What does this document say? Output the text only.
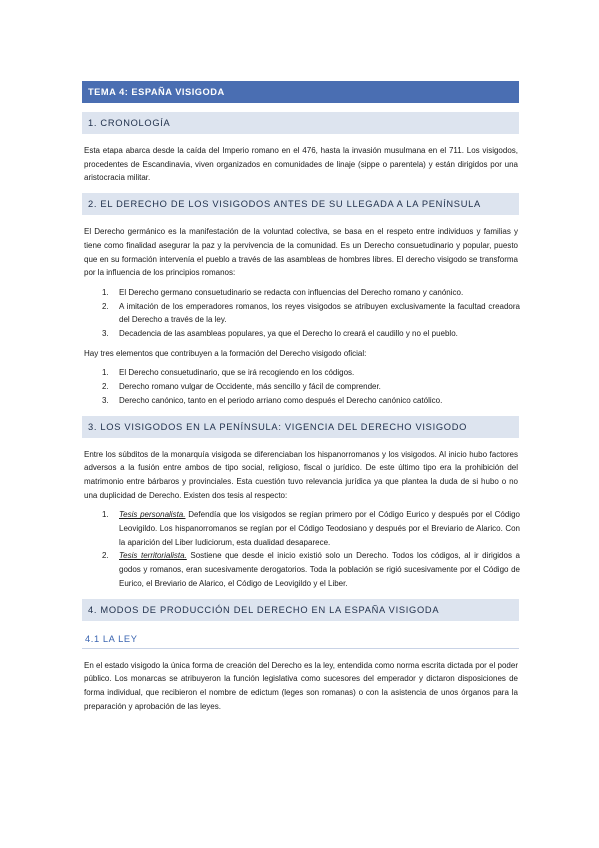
TEMA 4: ESPAÑA VISIGODA
1. CRONOLOGÍA

Esta etapa abarca desde la caída del Imperio romano en el 476, hasta la invasión musulmana en el 711. Los visigodos, procedentes de Escandinavia, viven organizados en comunidades de linaje (sippe o parentela) y están dirigidos por una aristocracia militar.

2. EL DERECHO DE LOS VISIGODOS ANTES DE SU LLEGADA A LA PENÍNSULA

El Derecho germánico es la manifestación de la voluntad colectiva, se basa en el respeto entre individuos y familias y tiene como finalidad asegurar la paz y la pervivencia de la comunidad. Es un Derecho consuetudinario y popular, puesto que en su formación intervenía el pueblo a través de las asambleas de hombres libres. El derecho visigodo se transforma por la influencia de los principios romanos:

1. El Derecho germano consuetudinario se redacta con influencias del Derecho romano y canónico.
2. A imitación de los emperadores romanos, los reyes visigodos se atribuyen exclusivamente la facultad creadora del Derecho a través de la ley.
3. Decadencia de las asambleas populares, ya que el Derecho lo creará el caudillo y no el pueblo.

Hay tres elementos que contribuyen a la formación del Derecho visigodo oficial:

1. El Derecho consuetudinario, que se irá recogiendo en los códigos.
2. Derecho romano vulgar de Occidente, más sencillo y fácil de comprender.
3. Derecho canónico, tanto en el periodo arriano como después el Derecho canónico católico.
3. LOS VISIGODOS EN LA PENÍNSULA: VIGENCIA DEL DERECHO VISIGODO

Entre los súbditos de la monarquía visigoda se diferenciaban los hispanorromanos y los visigodos. Al inicio hubo factores adversos a la fusión entre ambos de tipo social, religioso, fiscal o jurídico. De este último tipo era la prohibición del matrimonio entre bárbaros y provinciales. Esta cuestión tuvo relevancia jurídica ya que plantea la duda de si hubo o no una duplicidad de Derecho. Existen dos tesis al respecto:

1. Tesis personalista. Defendía que los visigodos se regían primero por el Código Eurico y después por el Código Leovigildo. Los hispanorromanos se regían por el Código Teodosiano y después por el Breviario de Alarico. Con la aparición del Liber Iudiciorum, esta dualidad desaparece.
2. Tesis territorialista. Sostiene que desde el inicio existió solo un Derecho. Todos los códigos, al ir dirigidos a godos y romanos, eran sucesivamente derogatorios. Toda la población se rigió sucesivamente por el Código de Eurico, el Breviario de Alarico, el Código de Leovigildo y el Liber.
4. MODOS DE PRODUCCIÓN DEL DERECHO EN LA ESPAÑA VISIGODA
4.1 LA LEY

En el estado visigodo la única forma de creación del Derecho es la ley, entendida como norma escrita dictada por el poder público. Los monarcas se atribuyeron la función legislativa como sucesores del emperador y dictaron disposiciones de forma individual, que recibieron el nombre de edictum (leges son romanas) o con la asistencia de unos órganos para la preparación y aprobación de las leyes.
